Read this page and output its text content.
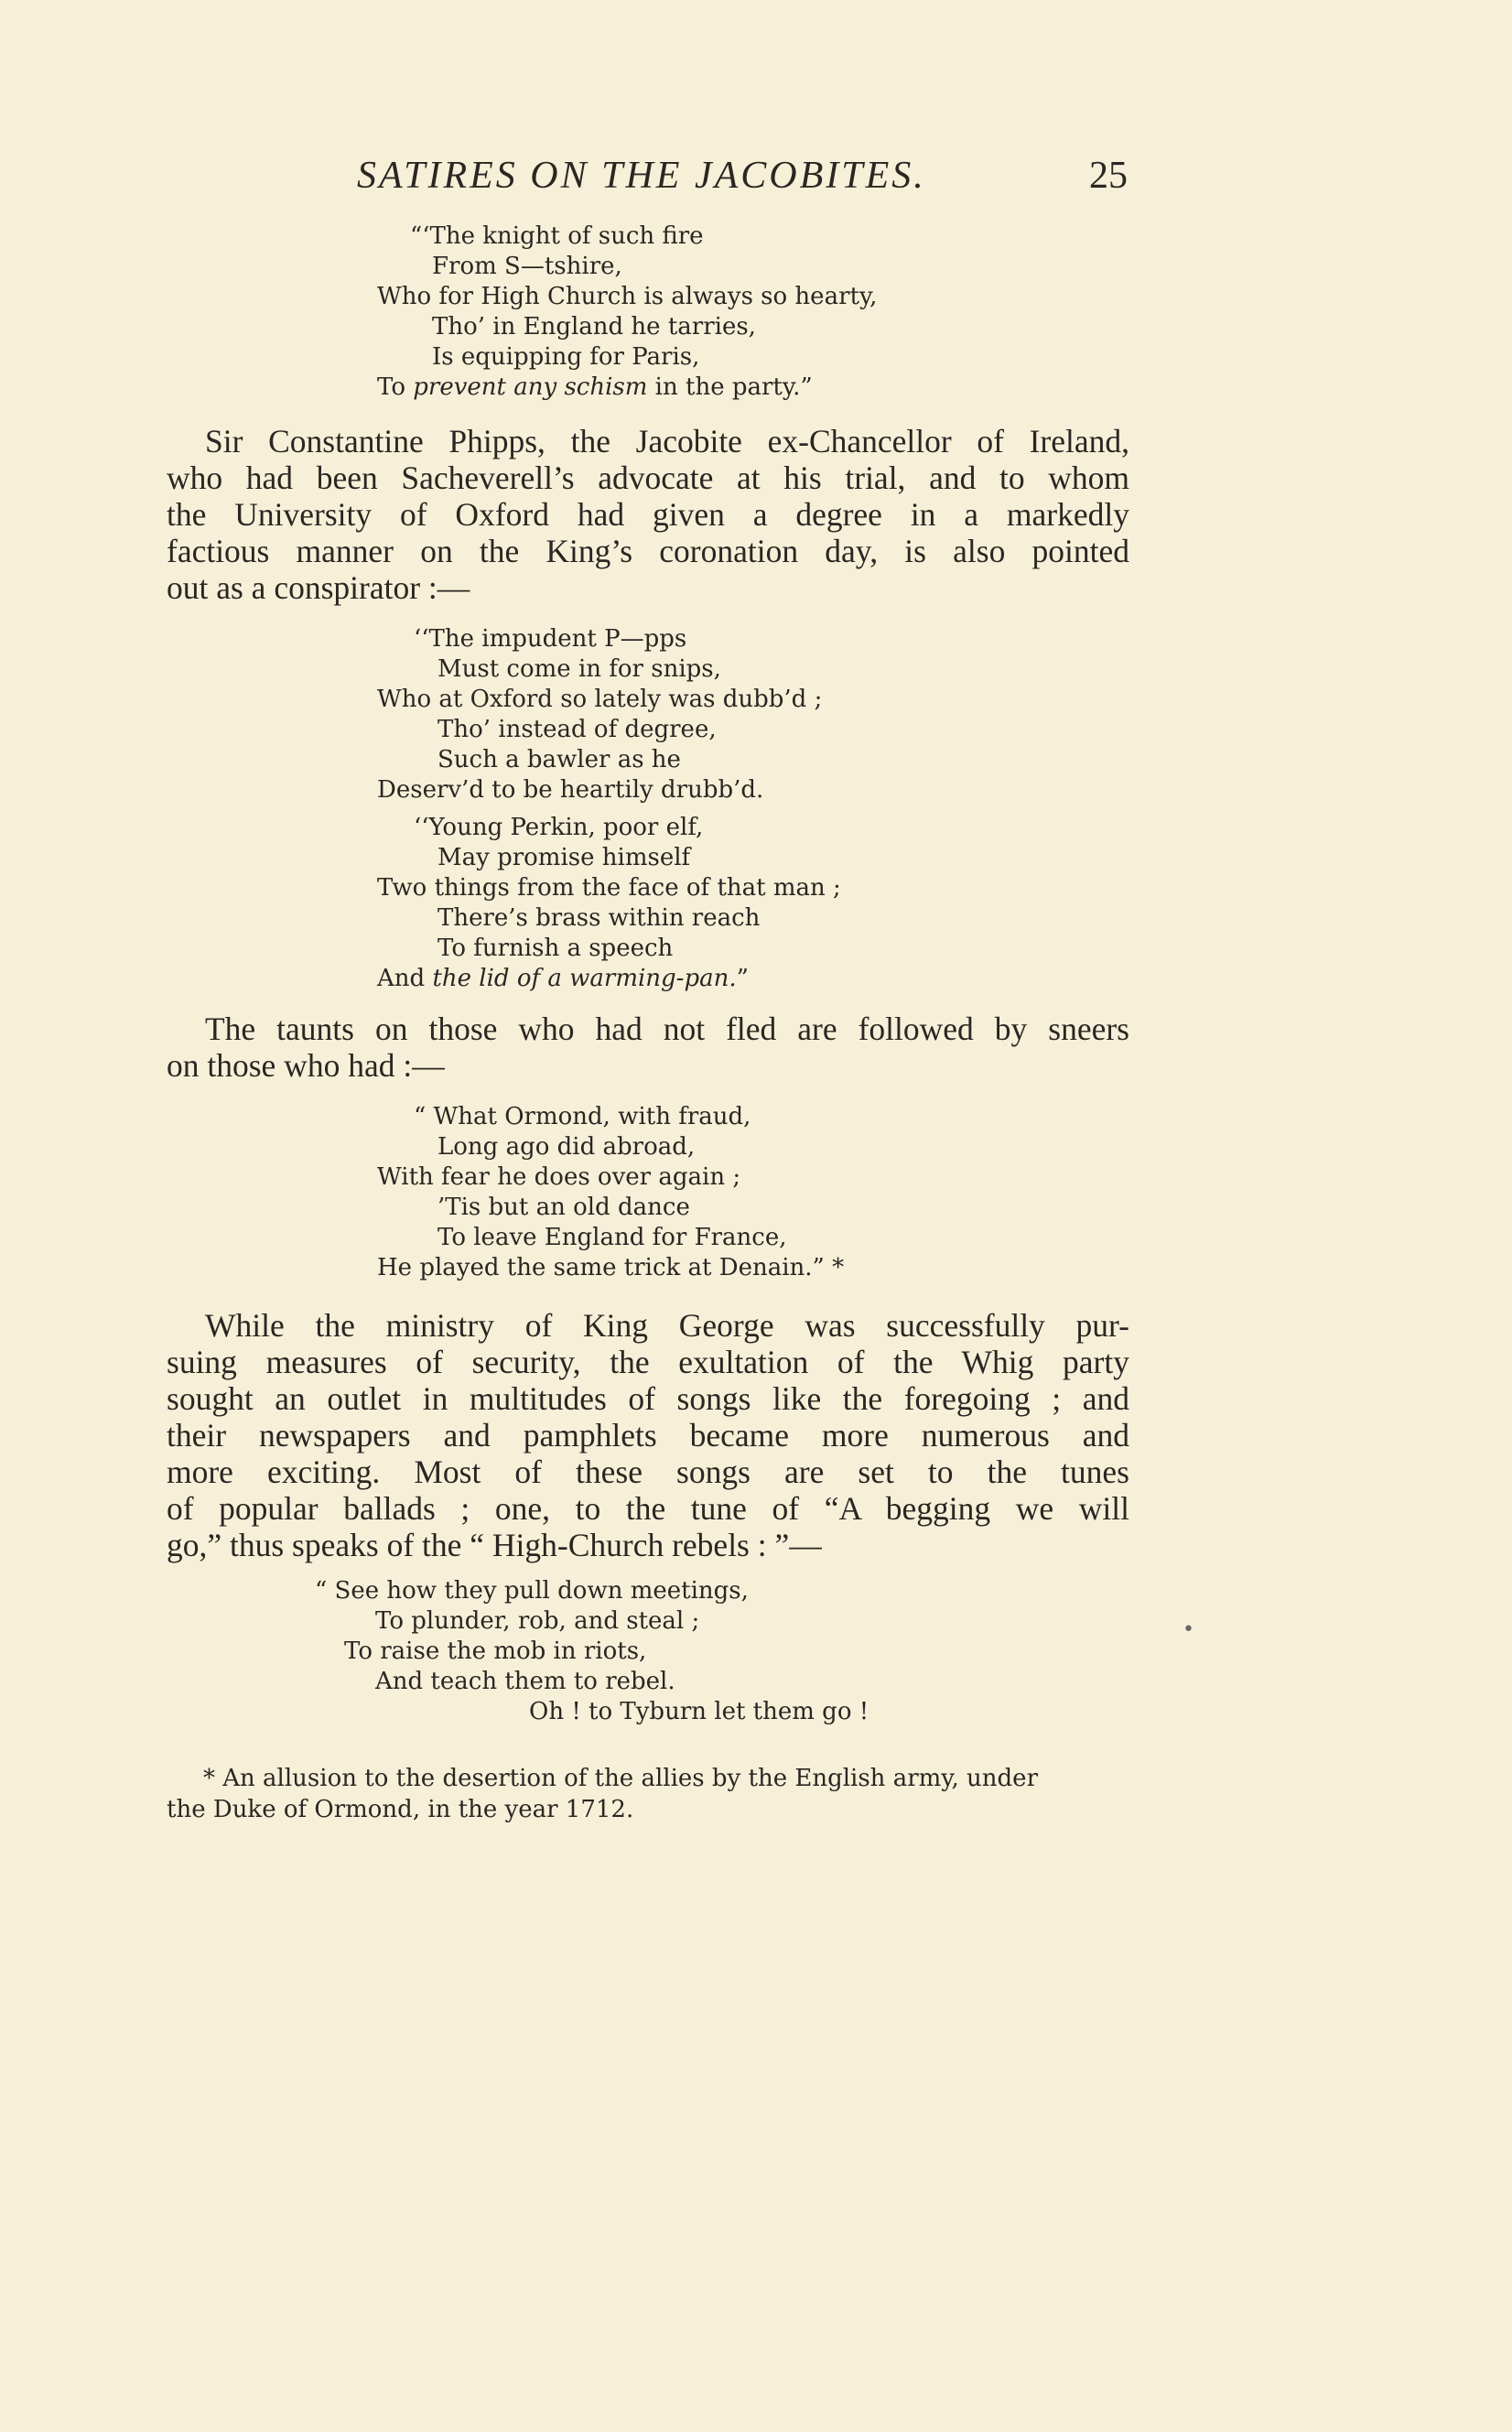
SATIRES ON THE JACOBITES.	25
“‘The knight of such fire
From S—tshire,
Who for High Church is always so hearty,
Tho’ in England he tarries,
Is equipping for Paris,
To prevent any schism in the party.”

Sir Constantine Phipps, the Jacobite ex-Chancellor of Ireland,
who had been Sacheverell’s advocate at his trial, and to whom
the University of Oxford had given a degree in a markedly
factious manner on the King’s coronation day, is also pointed
out as a conspirator :—

‘‘The impudent P—pps
Must come in for snips,
Who at Oxford so lately was dubb’d ;
Tho’ instead of degree,
Such a bawler as he
Deserv’d to be heartily drubb’d.
‘‘Young Perkin, poor elf,
May promise himself
Two things from the face of that man ;
There’s brass within reach
To furnish a speech
And the lid of a warming-pan.”

The taunts on those who had not fled are followed by sneers
on those who had :—

“ What Ormond, with fraud,
Long ago did abroad,
With fear he does over again ;
’Tis but an old dance
To leave England for France,
He played the same trick at Denain.” *

While the ministry of King George was successfully pur-
suing measures of security, the exultation of the Whig party
sought an outlet in multitudes of songs like the foregoing ; and
their newspapers and pamphlets became more numerous and
more exciting. Most of these songs are set to the tunes
of popular ballads ; one, to the tune of “A begging we will
go,” thus speaks of the “ High-Church rebels : ”—

“ See how they pull down meetings,
To plunder, rob, and steal ;
To raise the mob in riots,
And teach them to rebel.
Oh ! to Tyburn let them go !
* An allusion to the desertion of the allies by the English army, under
the Duke of Ormond, in the year 1712.
•
